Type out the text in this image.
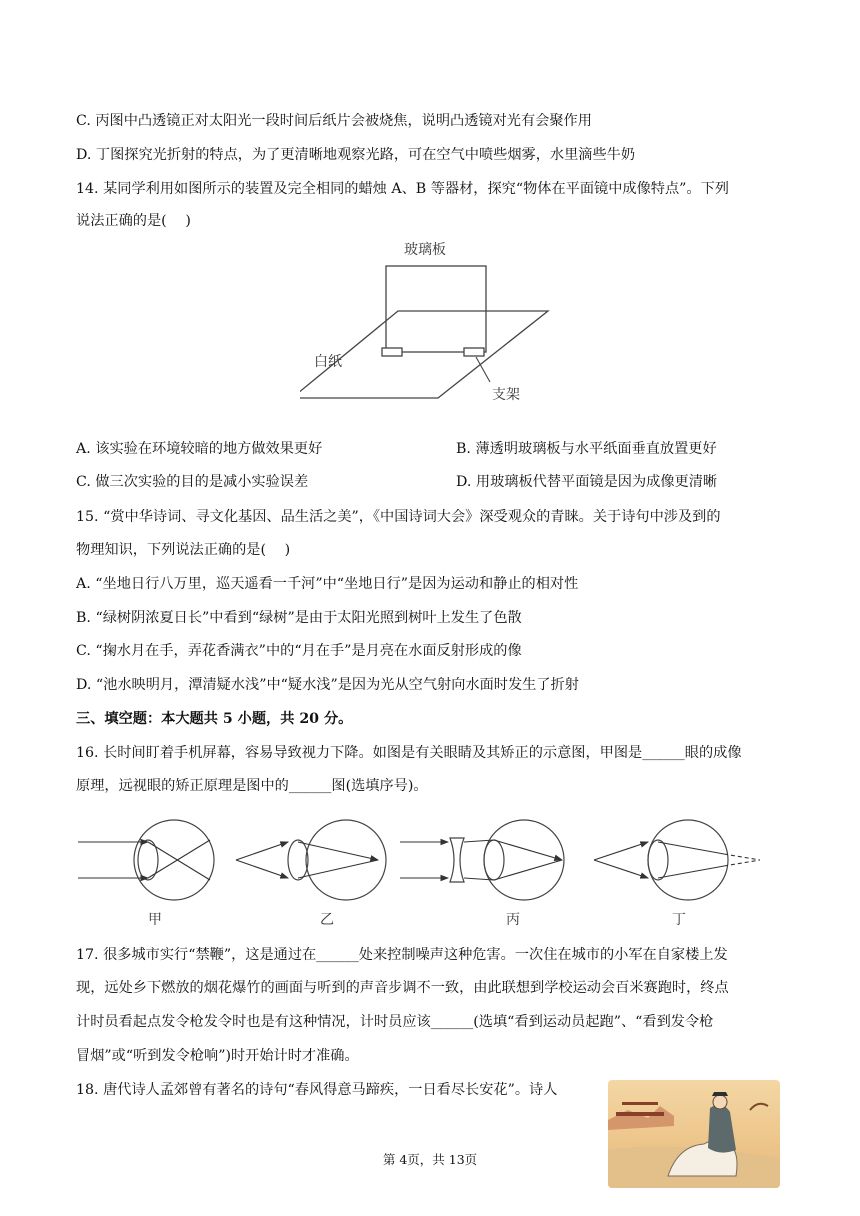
C. 丙图中凸透镜正对太阳光一段时间后纸片会被烧焦，说明凸透镜对光有会聚作用
D. 丁图探究光折射的特点，为了更清晰地观察光路，可在空气中喷些烟雾，水里滴些牛奶
14. 某同学利用如图所示的装置及完全相同的蜡烛 A、B 等器材，探究“物体在平面镜中成像特点”。下列
说法正确的是(　 )
玻璃板
白纸
支架
A. 该实验在环境较暗的地方做效果更好	B. 薄透明玻璃板与水平纸面垂直放置更好
C. 做三次实验的目的是减小实验误差	D. 用玻璃板代替平面镜是因为成像更清晰
15. “赏中华诗词、寻文化基因、品生活之美”，《中国诗词大会》深受观众的青睐。关于诗句中涉及到的
物理知识，下列说法正确的是(　 )
A. “坐地日行八万里，巡天遥看一千河”中“坐地日行”是因为运动和静止的相对性
B. “绿树阴浓夏日长”中看到“绿树”是由于太阳光照到树叶上发生了色散
C. “掬水月在手，弄花香满衣”中的“月在手”是月亮在水面反射形成的像
D. “池水映明月，潭清疑水浅”中“疑水浅”是因为光从空气射向水面时发生了折射
三、填空题：本大题共 5 小题，共 20 分。
16. 长时间盯着手机屏幕，容易导致视力下降。如图是有关眼睛及其矫正的示意图，甲图是______眼的成像
原理，远视眼的矫正原理是图中的______图(选填序号)。
甲	乙	丙	丁
17. 很多城市实行“禁鞭”，这是通过在______处来控制噪声这种危害。一次住在城市的小军在自家楼上发
现，远处乡下燃放的烟花爆竹的画面与听到的声音步调不一致，由此联想到学校运动会百米赛跑时，终点
计时员看起点发令枪发令时也是有这种情况，计时员应该______(选填“看到运动员起跑”、“看到发令枪
冒烟”或“听到发令枪响”)时开始计时才准确。
18. 唐代诗人孟郊曾有著名的诗句“春风得意马蹄疾，一日看尽长安花”。诗人
第 4页，共 13页
